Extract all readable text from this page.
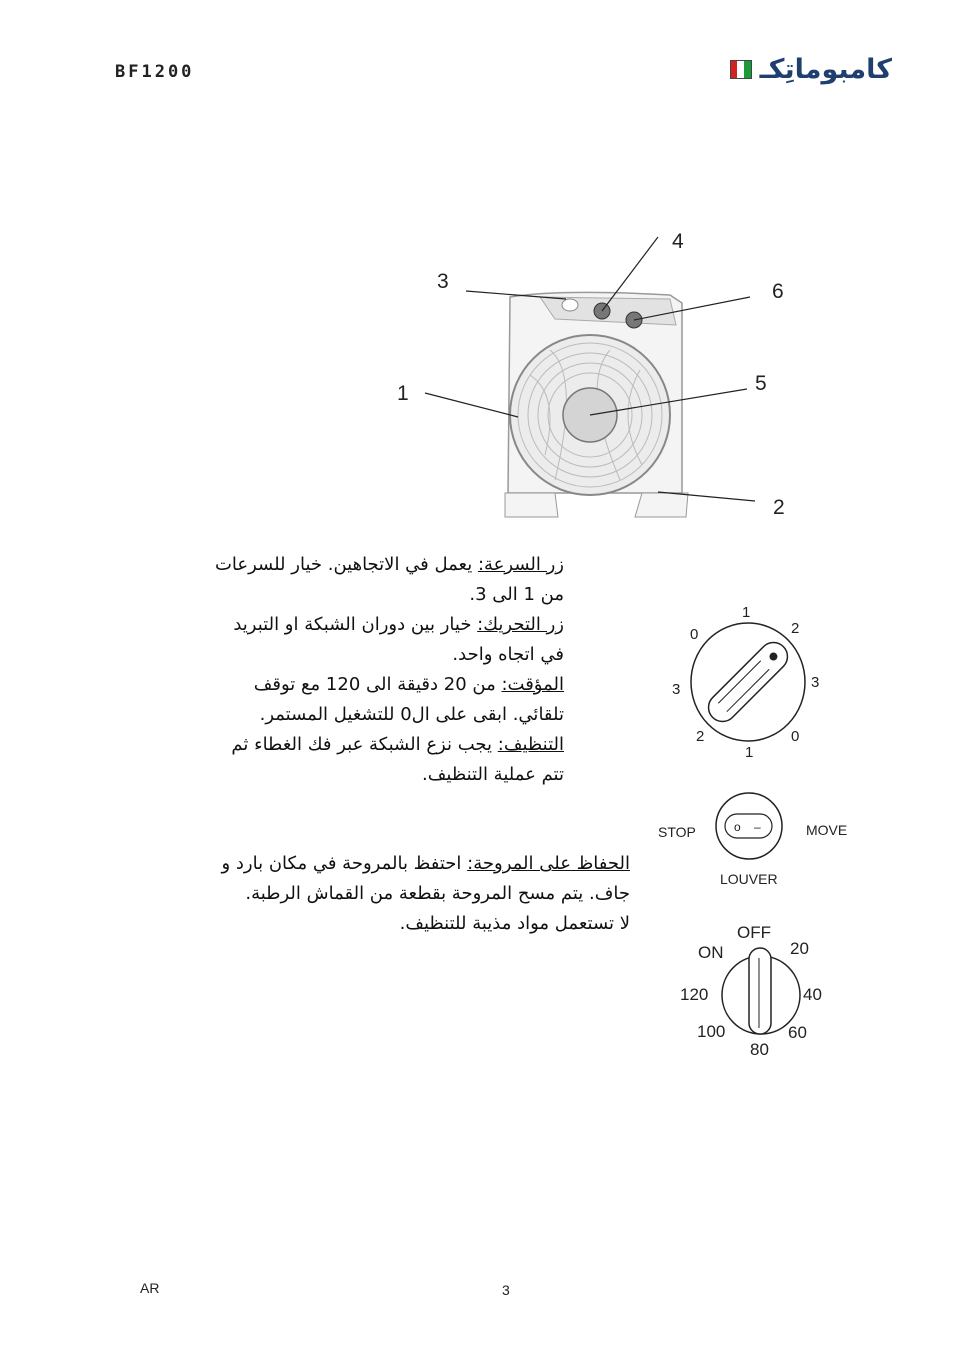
BF1200	كامبوماتِكـ
1
2
3
4
5
6

زر السرعة: يعمل في الاتجاهين. خيار للسرعات

من 1 الى 3.

زر التحريك: خيار بين دوران الشبكة او التبريد

في اتجاه واحد.

المؤقت: من 20 دقيقة الى 120 مع توقف

تلقائي. ابقى على ال0 للتشغيل المستمر.

التنظيف: يجب نزع الشبكة عبر فك الغطاء ثم

تتم عملية التنظيف.

الحفاظ على المروحة: احتفظ بالمروحة في مكان بارد و

جاف. يتم مسح المروحة بقطعة من القماش الرطبة.

لا تستعمل مواد مذيبة للتنظيف.

1
2
3
0
1
2
3
0
o –
STOP	MOVE
LOUVER
OFF
20
40
60
80
100
120
ON
AR	3
